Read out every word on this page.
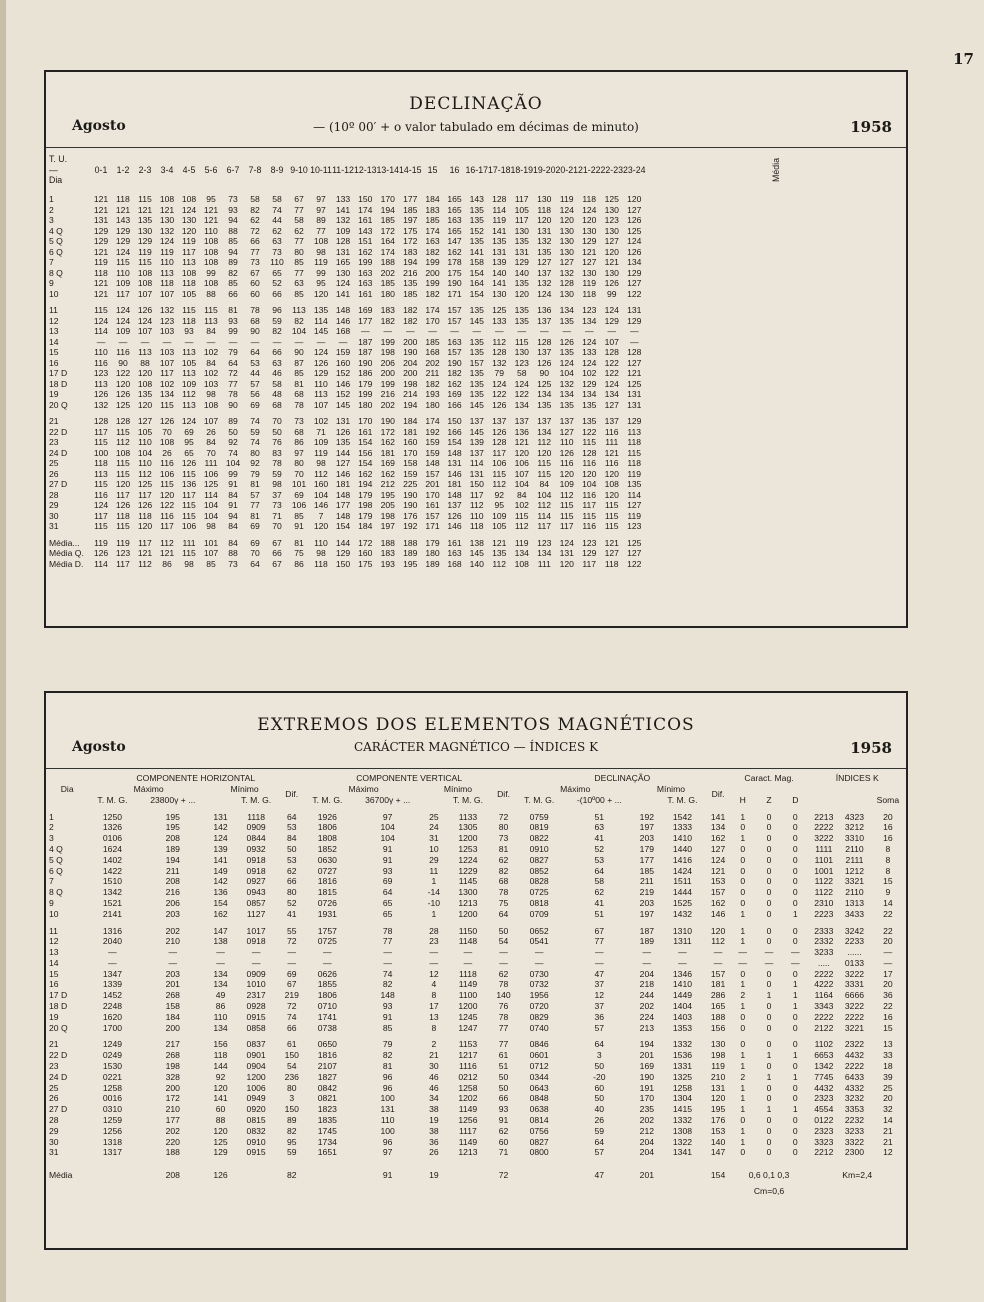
17
DECLINAÇÃO
Agosto	— (10º 00′ + o valor tabulado em décimas de minuto)	1958
T. U.
—
Dia	0-1	1-2	2-3	3-4	4-5	5-6	6-7	7-8	8-9	9-10	10-11	11-12	12-13	13-14	14-15	15	16	16-17	17-18	18-19	19-20	20-21	21-22	22-23	23-24	Média

1	121	118	115	108	108	95	73	58	58	67	97	133	150	170	177	184	165	143	128	117	130	119	118	125	120	
2	121	121	121	121	124	121	93	82	74	77	97	141	174	194	185	183	165	135	114	105	118	124	124	130	127	
3	131	143	135	130	130	121	94	62	44	58	89	132	161	185	197	185	163	135	119	117	120	120	120	123	126	
4 Q	129	129	130	132	120	110	88	72	62	62	77	109	143	172	175	174	165	152	141	130	131	130	130	130	125	
5 Q	129	129	129	124	119	108	85	66	63	77	108	128	151	164	172	163	147	135	135	135	132	130	129	127	124	
6 Q	121	124	119	119	117	108	94	77	73	80	98	131	162	174	183	182	162	141	131	131	135	130	121	120	126	
7	119	115	115	110	113	108	89	73	110	85	119	165	199	188	194	199	178	158	139	129	127	127	127	121	134	
8 Q	118	110	108	113	108	99	82	67	65	77	99	130	163	202	216	200	175	154	140	140	137	132	130	130	129	
9	121	109	108	118	118	108	85	60	52	63	95	124	163	185	135	199	190	164	141	135	132	128	119	126	127	
10	121	117	107	107	105	88	66	60	66	85	120	141	161	180	185	182	171	154	130	120	124	130	118	99	122	

11	115	124	126	132	115	115	81	78	96	113	135	148	169	183	182	174	157	135	125	135	136	134	123	124	131	
12	124	124	124	123	118	113	93	68	59	82	114	146	177	182	182	170	157	145	133	135	137	135	134	129	129	
13	114	109	107	103	93	84	99	90	82	104	145	168	—	—	—	—	—	—	—	—	—	—	—	—	—	
14	—	—	—	—	—	—	—	—	—	—	—	—	187	199	200	185	163	135	112	115	128	126	124	107	—	
15	110	116	113	103	113	102	79	64	66	90	124	159	187	198	190	168	157	135	128	130	137	135	133	128	128	
16	116	90	88	107	105	84	64	53	63	87	126	160	190	206	204	202	190	157	132	123	126	124	124	122	127	
17 D	123	122	120	117	113	102	72	44	46	85	129	152	186	200	200	211	182	135	79	58	90	104	102	122	121	
18 D	113	120	108	102	109	103	77	57	58	81	110	146	179	199	198	182	162	135	124	124	125	132	129	124	125	
19	126	126	135	134	112	98	78	56	48	68	113	152	199	216	214	193	169	135	122	122	134	134	134	134	131	
20 Q	132	125	120	115	113	108	90	69	68	78	107	145	180	202	194	180	166	145	126	134	135	135	135	127	131	

21	128	128	127	126	124	107	89	74	70	73	102	131	170	190	184	174	150	137	137	137	137	137	135	137	129	
22 D	117	115	105	70	69	26	50	59	50	68	71	126	161	172	181	192	166	145	126	136	134	127	122	116	113	
23	115	112	110	108	95	84	92	74	76	86	109	135	154	162	160	159	154	139	128	121	112	110	115	111	118	
24 D	100	108	104	26	65	70	74	80	83	97	119	144	156	181	170	159	148	137	117	120	120	126	128	121	115	
25	118	115	110	116	126	111	104	92	78	80	98	127	154	169	158	148	131	114	106	106	115	116	116	116	118	
26	113	115	112	106	115	106	99	79	59	70	112	146	162	162	159	157	146	131	115	107	115	120	120	120	119	
27 D	115	120	125	115	136	125	91	81	98	101	160	181	194	212	225	201	181	150	112	104	84	109	104	108	135	
28	116	117	117	120	117	114	84	57	37	69	104	148	179	195	190	170	148	117	92	84	104	112	116	120	114	
29	124	126	126	122	115	104	91	77	73	106	146	177	198	205	190	161	137	112	95	102	112	115	117	115	127	
30	117	118	118	116	115	104	94	81	71	85	7	148	179	198	176	157	126	110	109	115	114	115	115	115	119	
31	115	115	120	117	106	98	84	69	70	91	120	154	184	197	192	171	146	118	105	112	117	117	116	115	123	

Média...	119	119	117	112	111	101	84	69	67	81	110	144	172	188	188	179	161	138	121	119	123	124	123	121	125	
Média Q.	126	123	121	121	115	107	88	70	66	75	98	129	160	183	189	180	163	145	135	134	134	131	129	127	127	
Média D.	114	117	112	86	98	85	73	64	67	86	118	150	175	193	195	189	168	140	112	108	111	120	117	118	122	
EXTREMOS DOS ELEMENTOS MAGNÉTICOS
Agosto	CARÁCTER MAGNÉTICO — ÍNDICES K	1958
Dia	COMPONENTE HORIZONTAL					COMPONENTE VERTICAL					DECLINAÇÃO					Caract. Mag.			ÍNDICES K		
	Máximo		Mínimo		Dif.	Máximo		Mínimo		Dif.	Máximo		Mínimo		Dif.						
	T. M. G.	23800γ + ...		T. M. G.		T. M. G.	36700γ + ...		T. M. G.		T. M. G.	-(10º00 + ...		T. M. G.		H	Z	D			Soma

1	1250	195	131	1118	64	1926	97	25	1133	72	0759	51	192	1542	141	1	0	0	2213	4323	20
2	1326	195	142	0909	53	1806	104	24	1305	80	0819	63	197	1333	134	0	0	0	2222	3212	16
3	0106	208	124	0844	84	1808	104	31	1200	73	0822	41	203	1410	162	1	0	0	3222	3310	16
4 Q	1624	189	139	0932	50	1852	91	10	1253	81	0910	52	179	1440	127	0	0	0	1111	2110	8
5 Q	1402	194	141	0918	53	0630	91	29	1224	62	0827	53	177	1416	124	0	0	0	1101	2111	8
6 Q	1422	211	149	0918	62	0727	93	11	1229	82	0852	64	185	1424	121	0	0	0	1001	1212	8
7	1510	208	142	0927	66	1816	69	1	1145	68	0828	58	211	1511	153	0	0	0	1122	3321	15
8 Q	1342	216	136	0943	80	1815	64	-14	1300	78	0725	62	219	1444	157	0	0	0	1122	2110	9
9	1521	206	154	0857	52	0726	65	-10	1213	75	0818	41	203	1525	162	0	0	0	2310	1313	14
10	2141	203	162	1127	41	1931	65	1	1200	64	0709	51	197	1432	146	1	0	1	2223	3433	22

11	1316	202	147	1017	55	1757	78	28	1150	50	0652	67	187	1310	120	1	0	0	2333	3242	22
12	2040	210	138	0918	72	0725	77	23	1148	54	0541	77	189	1311	112	1	0	0	2332	2233	20
13	—	—	—	—	—	—	—	—	—	—	—	—	—	—	—	—	—	—	3233	......	—
14	—	—	—	—	—	—	—	—	—	—	—	—	—	—	—	—	—	—	.....	0133	—
15	1347	203	134	0909	69	0626	74	12	1118	62	0730	47	204	1346	157	0	0	0	2222	3222	17
16	1339	201	134	1010	67	1855	82	4	1149	78	0732	37	218	1410	181	1	0	1	4222	3331	20
17 D	1452	268	49	2317	219	1806	148	8	1100	140	1956	12	244	1449	286	2	1	1	1164	6666	36
18 D	2248	158	86	0928	72	0710	93	17	1200	76	0720	37	202	1404	165	1	0	1	3343	3222	22
19	1620	184	110	0915	74	1741	91	13	1245	78	0829	36	224	1403	188	0	0	0	2222	2222	16
20 Q	1700	200	134	0858	66	0738	85	8	1247	77	0740	57	213	1353	156	0	0	0	2122	3221	15

21	1249	217	156	0837	61	0650	79	2	1153	77	0846	64	194	1332	130	0	0	0	1102	2322	13
22 D	0249	268	118	0901	150	1816	82	21	1217	61	0601	3	201	1536	198	1	1	1	6653	4432	33
23	1530	198	144	0904	54	2107	81	30	1116	51	0712	50	169	1331	119	1	0	0	1342	2222	18
24 D	0221	328	92	1200	236	1827	96	46	0212	50	0344	-20	190	1325	210	2	1	1	7745	6433	39
25	1258	200	120	1006	80	0842	96	46	1258	50	0643	60	191	1258	131	1	0	0	4432	4332	25
26	0016	172	141	0949	3	0821	100	34	1202	66	0848	50	170	1304	120	1	0	0	2323	3232	20
27 D	0310	210	60	0920	150	1823	131	38	1149	93	0638	40	235	1415	195	1	1	1	4554	3353	32
28	1259	177	88	0815	89	1835	110	19	1256	91	0814	26	202	1332	176	0	0	0	0122	2232	14
29	1256	202	120	0832	82	1745	100	38	1117	62	0756	59	212	1308	153	1	0	0	2323	3233	21
30	1318	220	125	0910	95	1734	96	36	1149	60	0827	64	204	1322	140	1	0	0	3323	3322	21
31	1317	188	129	0915	59	1651	97	26	1213	71	0800	57	204	1341	147	0	0	0	2212	2300	12

Média		208	126		82		91	19		72		47	201		154	0,6 0,1 0,3			Km=2,4		
																Cm=0,6					
